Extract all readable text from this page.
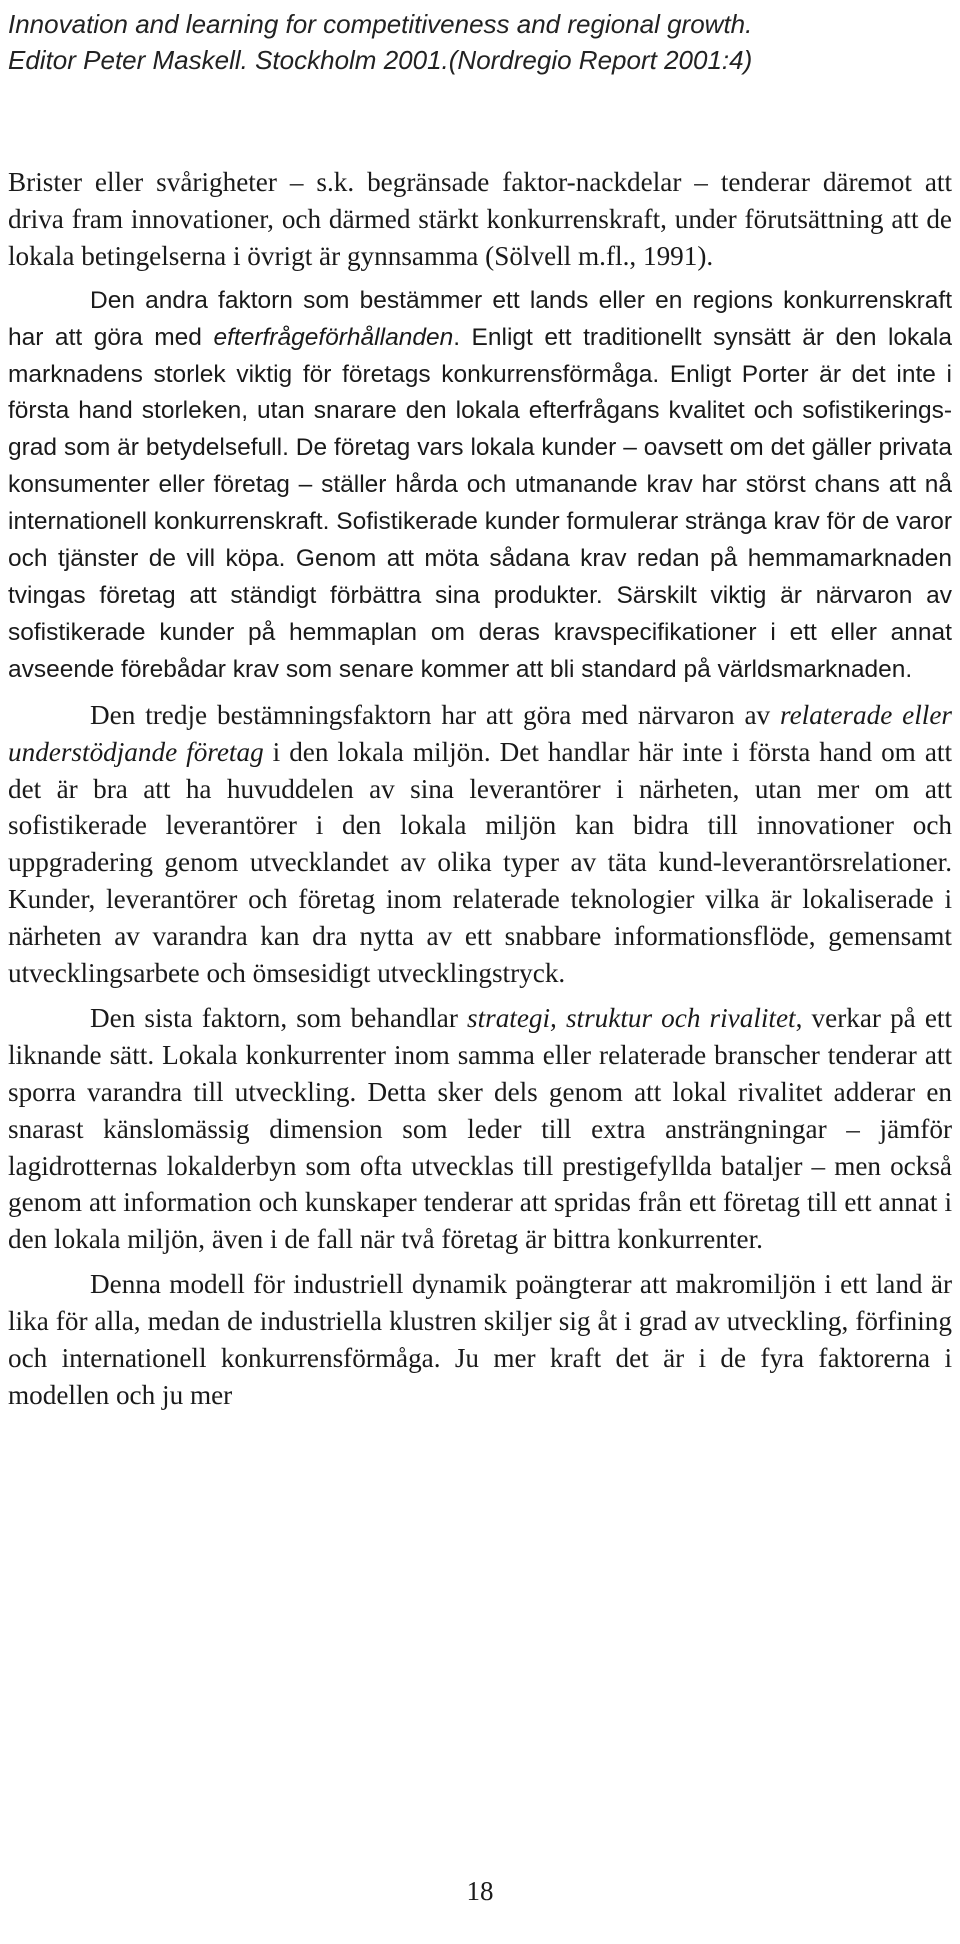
Innovation and learning for competitiveness and regional growth.
Editor Peter Maskell. Stockholm 2001.(Nordregio Report 2001:4)

Brister eller svårigheter – s.k. begränsade faktor-nackdelar – tenderar däremot att driva fram innovationer, och därmed stärkt konkurrenskraft, under förutsättning att de lokala betingelserna i övrigt är gynnsamma (Sölvell m.fl., 1991).

Den andra faktorn som bestämmer ett lands eller en regions konkurrenskraft har att göra med efterfrågeförhållanden. Enligt ett traditionellt synsätt är den lokala marknadens storlek viktig för företags konkurrensförmåga. Enligt Porter är det inte i första hand storleken, utan snarare den lokala efterfrågans kvalitet och sofistikeringsgrad som är betydelsefull. De företag vars lokala kunder – oavsett om det gäller privata konsumenter eller företag – ställer hårda och utmanande krav har störst chans att nå internationell konkurrenskraft. Sofistikerade kunder formulerar stränga krav för de varor och tjänster de vill köpa. Genom att möta sådana krav redan på hemmamarknaden tvingas företag att ständigt förbättra sina produkter. Särskilt viktig är närvaron av sofistikerade kunder på hemmaplan om deras kravspecifikationer i ett eller annat avseende förebådar krav som senare kommer att bli standard på världsmarknaden.

Den tredje bestämningsfaktorn har att göra med närvaron av relaterade eller understödjande företag i den lokala miljön. Det handlar här inte i första hand om att det är bra att ha huvuddelen av sina leverantörer i närheten, utan mer om att sofistikerade leverantörer i den lokala miljön kan bidra till innovationer och uppgradering genom utvecklandet av olika typer av täta kund-leverantörsrelationer. Kunder, leverantörer och företag inom relaterade teknologier vilka är lokaliserade i närheten av varandra kan dra nytta av ett snabbare informationsflöde, gemensamt utvecklingsarbete och ömsesidigt utvecklingstryck.

Den sista faktorn, som behandlar strategi, struktur och rivalitet, verkar på ett liknande sätt. Lokala konkurrenter inom samma eller relaterade branscher tenderar att sporra varandra till utveckling. Detta sker dels genom att lokal rivalitet adderar en snarast känslomässig dimension som leder till extra ansträngningar – jämför lagidrotternas lokalderbyn som ofta utvecklas till prestigefyllda bataljer – men också genom att information och kunskaper tenderar att spridas från ett företag till ett annat i den lokala miljön, även i de fall när två företag är bittra konkurrenter.

Denna modell för industriell dynamik poängterar att makromiljön i ett land är lika för alla, medan de industriella klustren skiljer sig åt i grad av utveckling, förfining och internationell konkurrensförmåga. Ju mer kraft det är i de fyra faktorerna i modellen och ju mer

18
